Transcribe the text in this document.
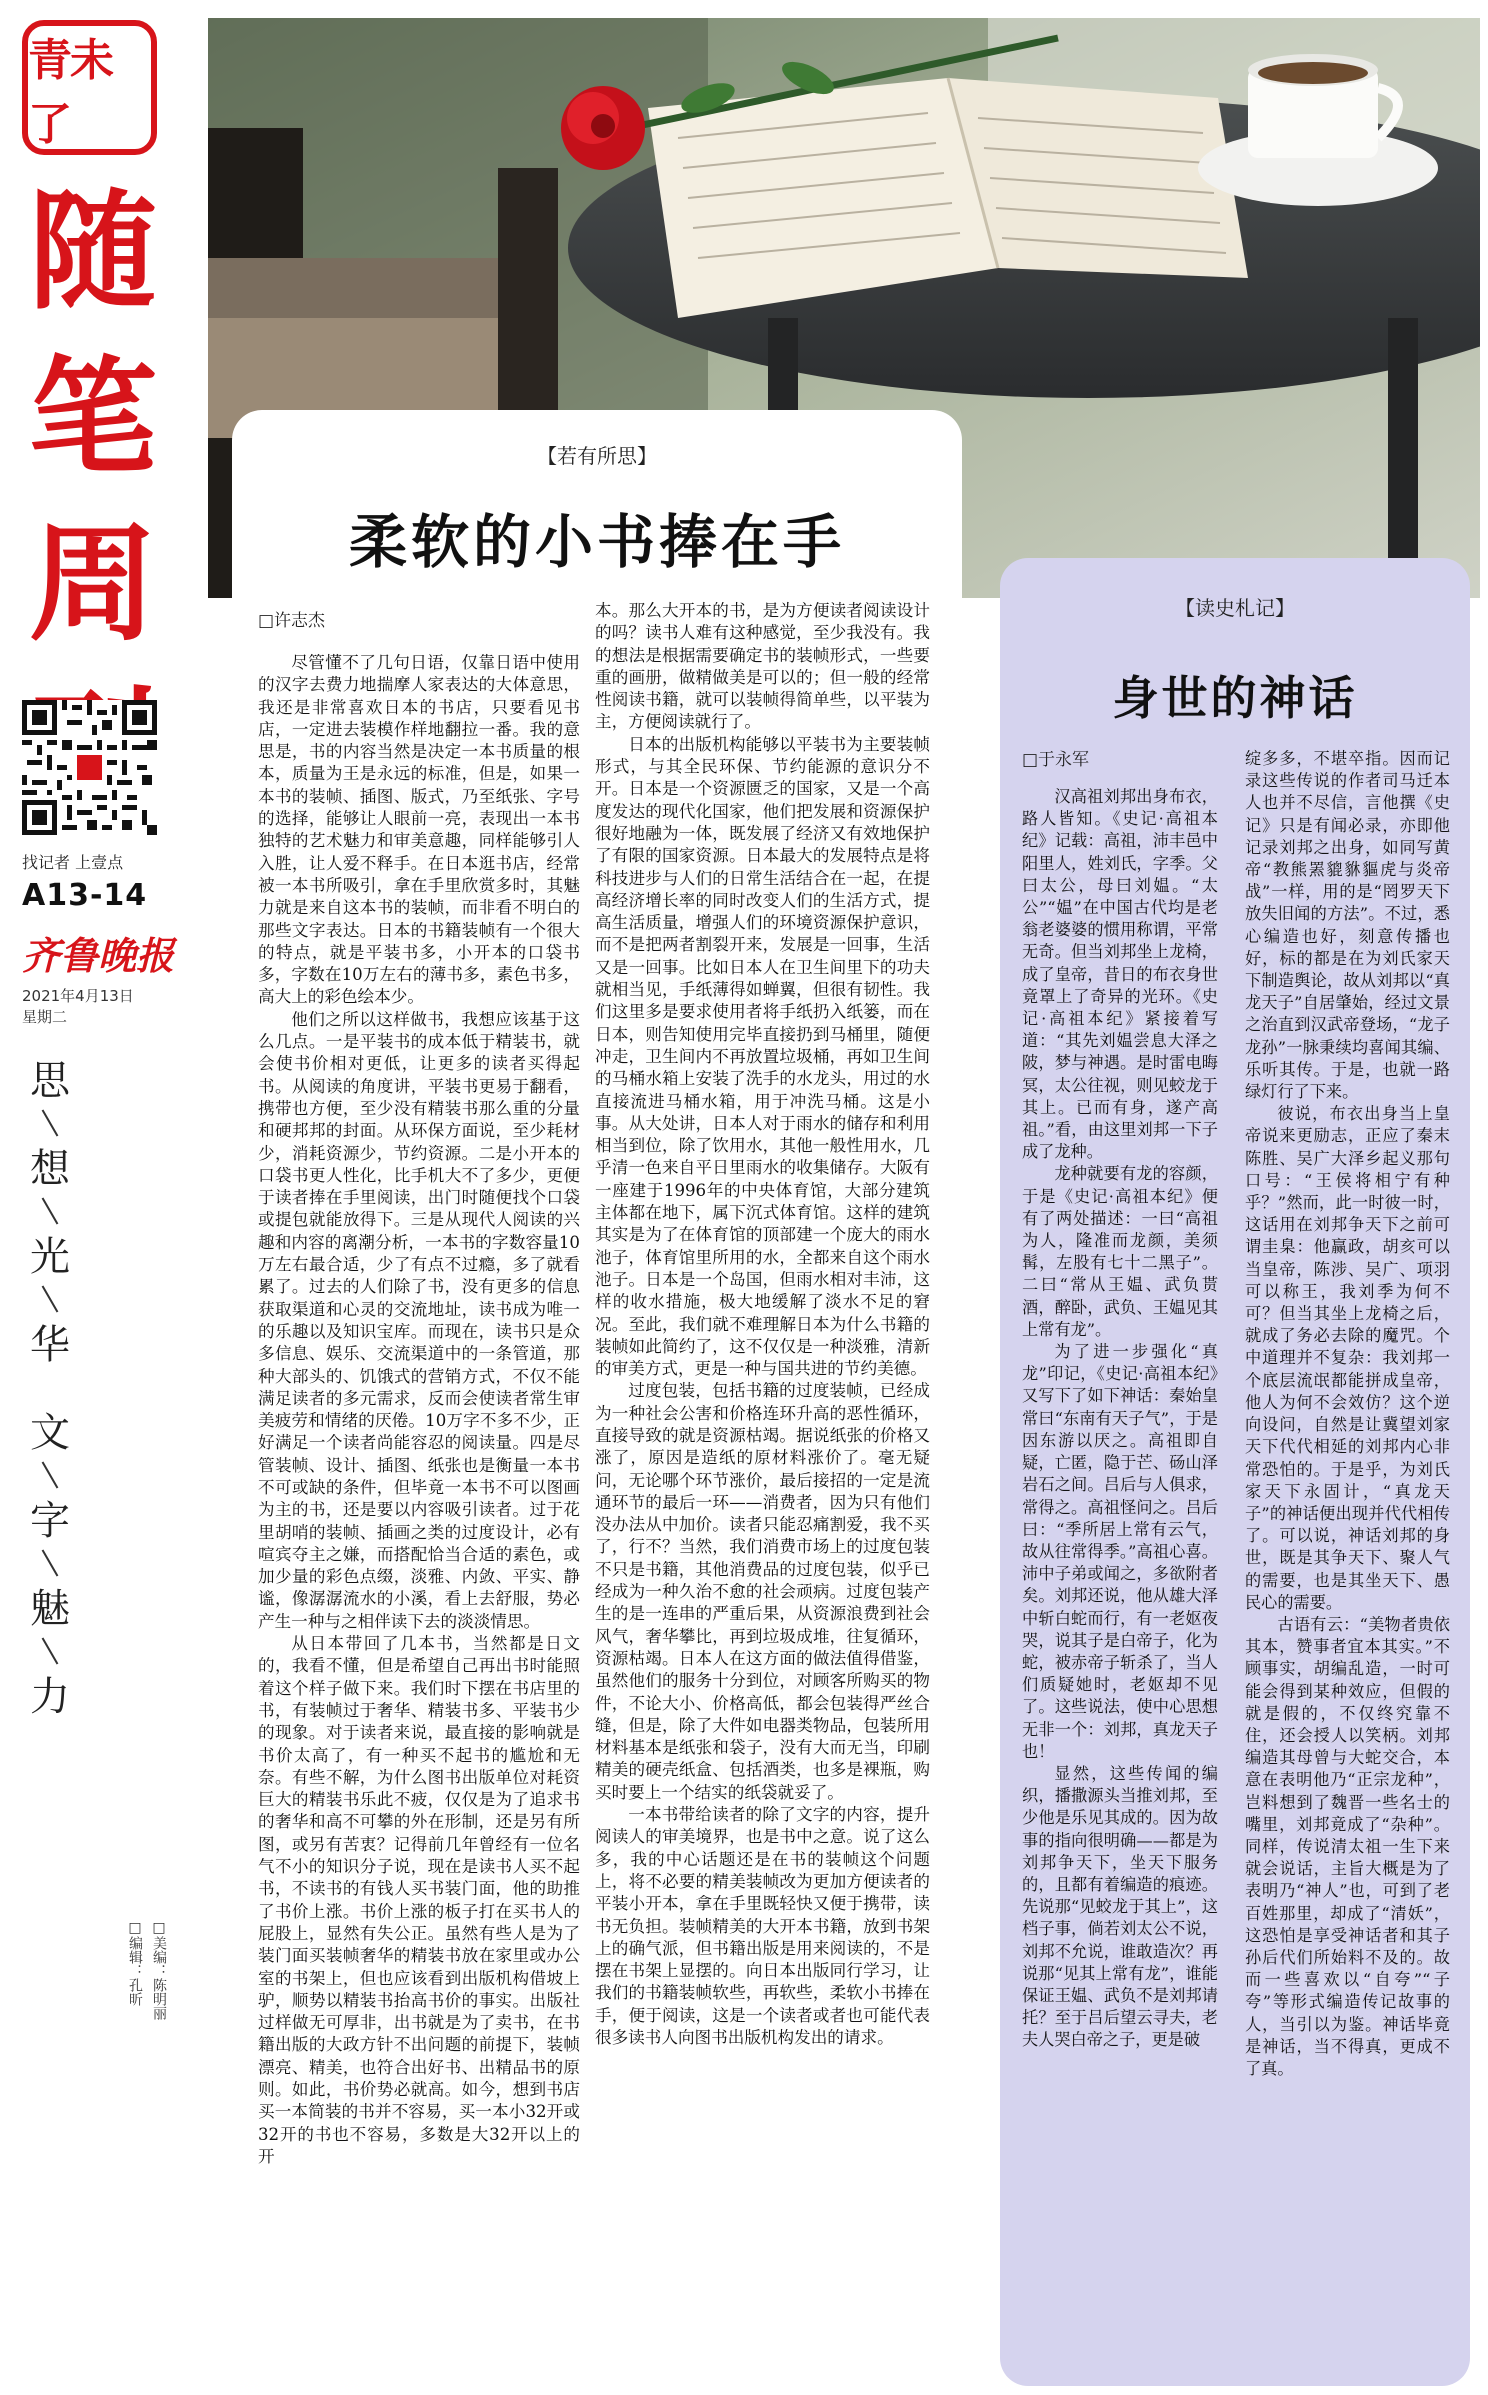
青未了
随
笔
周
找记者 上壹点
A13-14
齐鲁晚报
2021年4月13日
星期二
思
想
光
华
文
字
魅
力
□美编：陈明丽
□编辑：孔昕
【若有所思】
柔软的小书捧在手
□许志杰

尽管懂不了几句日语，仅靠日语中使用的汉字去费力地揣摩人家表达的大体意思，我还是非常喜欢日本的书店，只要看见书店，一定进去装模作样地翻拉一番。我的意思是，书的内容当然是决定一本书质量的根本，质量为王是永远的标准，但是，如果一本书的装帧、插图、版式，乃至纸张、字号的选择，能够让人眼前一亮，表现出一本书独特的艺术魅力和审美意趣，同样能够引人入胜，让人爱不释手。在日本逛书店，经常被一本书所吸引，拿在手里欣赏多时，其魅力就是来自这本书的装帧，而非看不明白的那些文字表达。日本的书籍装帧有一个很大的特点，就是平装书多，小开本的口袋书多，字数在10万左右的薄书多，素色书多，高大上的彩色绘本少。

他们之所以这样做书，我想应该基于这么几点。一是平装书的成本低于精装书，就会使书价相对更低，让更多的读者买得起书。从阅读的角度讲，平装书更易于翻看，携带也方便，至少没有精装书那么重的分量和硬邦邦的封面。从环保方面说，至少耗材少，消耗资源少，节约资源。二是小开本的口袋书更人性化，比手机大不了多少，更便于读者捧在手里阅读，出门时随便找个口袋或提包就能放得下。三是从现代人阅读的兴趣和内容的离潮分析，一本书的字数容量10万左右最合适，少了有点不过瘾，多了就看累了。过去的人们除了书，没有更多的信息获取渠道和心灵的交流地址，读书成为唯一的乐趣以及知识宝库。而现在，读书只是众多信息、娱乐、交流渠道中的一条管道，那种大部头的、饥饿式的营销方式，不仅不能满足读者的多元需求，反而会使读者常生审美疲劳和情绪的厌倦。10万字不多不少，正好满足一个读者尚能容忍的阅读量。四是尽管装帧、设计、插图、纸张也是衡量一本书不可或缺的条件，但毕竟一本书不可以图画为主的书，还是要以内容吸引读者。过于花里胡哨的装帧、插画之类的过度设计，必有喧宾夺主之嫌，而搭配恰当合适的素色，或加少量的彩色点缀，淡雅、内敛、平实、静谧，像潺潺流水的小溪，看上去舒服，势必产生一种与之相伴读下去的淡淡情思。

从日本带回了几本书，当然都是日文的，我看不懂，但是希望自己再出书时能照着这个样子做下来。我们时下摆在书店里的书，有装帧过于奢华、精装书多、平装书少的现象。对于读者来说，最直接的影响就是书价太高了，有一种买不起书的尴尬和无奈。有些不解，为什么图书出版单位对耗资巨大的精装书乐此不疲，仅仅是为了追求书的奢华和高不可攀的外在形制，还是另有所图，或另有苦衷？记得前几年曾经有一位名气不小的知识分子说，现在是读书人买不起书，不读书的有钱人买书装门面，他的助推了书价上涨。书价上涨的板子打在买书人的屁股上，显然有失公正。虽然有些人是为了装门面买装帧奢华的精装书放在家里或办公室的书架上，但也应该看到出版机构借坡上驴，顺势以精装书抬高书价的事实。出版社过样做无可厚非，出书就是为了卖书，在书籍出版的大政方针不出问题的前提下，装帧漂亮、精美，也符合出好书、出精品书的原则。如此，书价势必就高。如今，想到书店买一本简装的书并不容易，买一本小32开或32开的书也不容易，多数是大32开以上的开

本。那么大开本的书，是为方便读者阅读设计的吗？读书人难有这种感觉，至少我没有。我的想法是根据需要确定书的装帧形式，一些要重的画册，做精做美是可以的；但一般的经常性阅读书籍，就可以装帧得简单些，以平装为主，方便阅读就行了。

日本的出版机构能够以平装书为主要装帧形式，与其全民环保、节约能源的意识分不开。日本是一个资源匮乏的国家，又是一个高度发达的现代化国家，他们把发展和资源保护很好地融为一体，既发展了经济又有效地保护了有限的国家资源。日本最大的发展特点是将科技进步与人们的日常生活结合在一起，在提高经济增长率的同时改变人们的生活方式，提高生活质量，增强人们的环境资源保护意识，而不是把两者割裂开来，发展是一回事，生活又是一回事。比如日本人在卫生间里下的功夫就相当见，手纸薄得如蝉翼，但很有韧性。我们这里多是要求使用者将手纸扔入纸篓，而在日本，则告知使用完毕直接扔到马桶里，随便冲走，卫生间内不再放置垃圾桶，再如卫生间的马桶水箱上安装了洗手的水龙头，用过的水直接流进马桶水箱，用于冲洗马桶。这是小事。从大处讲，日本人对于雨水的储存和利用相当到位，除了饮用水，其他一般性用水，几乎清一色来自平日里雨水的收集储存。大阪有一座建于1996年的中央体育馆，大部分建筑主体都在地下，属下沉式体育馆。这样的建筑其实是为了在体育馆的顶部建一个庞大的雨水池子，体育馆里所用的水，全都来自这个雨水池子。日本是一个岛国，但雨水相对丰沛，这样的收水措施，极大地缓解了淡水不足的窘况。至此，我们就不难理解日本为什么书籍的装帧如此简约了，这不仅仅是一种淡雅，清新的审美方式，更是一种与国共进的节约美德。

过度包装，包括书籍的过度装帧，已经成为一种社会公害和价格连环升高的恶性循环，直接导致的就是资源枯竭。据说纸张的价格又涨了，原因是造纸的原材料涨价了。毫无疑问，无论哪个环节涨价，最后接招的一定是流通环节的最后一环——消费者，因为只有他们没办法从中加价。读者只能忍痛割爱，我不买了，行不？当然，我们消费市场上的过度包装不只是书籍，其他消费品的过度包装，似乎已经成为一种久治不愈的社会顽病。过度包装产生的是一连串的严重后果，从资源浪费到社会风气，奢华攀比，再到垃圾成堆，往复循环，资源枯竭。日本人在这方面的做法值得借鉴，虽然他们的服务十分到位，对顾客所购买的物件，不论大小、价格高低，都会包装得严丝合缝，但是，除了大件如电器类物品，包装所用材料基本是纸张和袋子，没有大而无当，印刷精美的硬壳纸盒、包括酒类，也多是裸瓶，购买时要上一个结实的纸袋就妥了。

一本书带给读者的除了文字的内容，提升阅读人的审美境界，也是书中之意。说了这么多，我的中心话题还是在书的装帧这个问题上，将不必要的精美装帧改为更加方便读者的平装小开本，拿在手里既轻快又便于携带，读书无负担。装帧精美的大开本书籍，放到书架上的确气派，但书籍出版是用来阅读的，不是摆在书架上显摆的。向日本出版同行学习，让我们的书籍装帧软些，再软些，柔软小书捧在手，便于阅读，这是一个读者或者也可能代表很多读书人向图书出版机构发出的请求。

【读史札记】
身世的神话
□于永军

汉高祖刘邦出身布衣，路人皆知。《史记·高祖本纪》记载：高祖，沛丰邑中阳里人，姓刘氏，字季。父曰太公，母曰刘媪。“太公”“媪”在中国古代均是老翁老婆婆的惯用称谓，平常无奇。但当刘邦坐上龙椅，成了皇帝，昔日的布衣身世竟罩上了奇异的光环。《史记·高祖本纪》紧接着写道：“其先刘媪尝息大泽之陂，梦与神遇。是时雷电晦冥，太公往视，则见蛟龙于其上。已而有身，遂产高祖。”看，由这里刘邦一下子成了龙种。

龙种就要有龙的容颜，于是《史记·高祖本纪》便有了两处描述：一曰“高祖为人，隆准而龙颜，美须髯，左股有七十二黑子”。二曰“常从王媪、武负贳酒，醉卧，武负、王媪见其上常有龙”。

为了进一步强化“真龙”印记，《史记·高祖本纪》又写下了如下神话：秦始皇常曰“东南有天子气”，于是因东游以厌之。高祖即自疑，亡匿，隐于芒、砀山泽岩石之间。吕后与人俱求，常得之。高祖怪问之。吕后曰：“季所居上常有云气，故从往常得季。”高祖心喜。沛中子弟或闻之，多欲附者矣。刘邦还说，他从雄大泽中斩白蛇而行，有一老妪夜哭，说其子是白帝子，化为蛇，被赤帝子斩杀了，当人们质疑她时，老妪却不见了。这些说法，使中心思想无非一个：刘邦，真龙天子也！

显然，这些传闻的编织，播撒源头当推刘邦，至少他是乐见其成的。因为故事的指向很明确——都是为刘邦争天下，坐天下服务的，且都有着编造的痕迹。先说那“见蛟龙于其上”，这档子事，倘若刘太公不说，刘邦不允说，谁敢造次？再说那“见其上常有龙”，谁能保证王媪、武负不是刘邦请托？至于吕后望云寻夫，老夫人哭白帝之子，更是破

绽多多，不堪卒指。因而记录这些传说的作者司马迁本人也并不尽信，言他撰《史记》只是有闻必录，亦即他记录刘邦之出身，如同写黄帝“教熊罴貔貅貙虎与炎帝战”一样，用的是“罔罗天下放失旧闻的方法”。不过，悉心编造也好，刻意传播也好，标的都是在为刘氏家天下制造舆论，故从刘邦以“真龙天子”自居肇始，经过文景之治直到汉武帝登场，“龙子龙孙”一脉秉续均喜闻其编、乐听其传。于是，也就一路绿灯行了下来。

彼说，布衣出身当上皇帝说来更励志，正应了秦末陈胜、吴广大泽乡起义那句口号：“王侯将相宁有种乎？”然而，此一时彼一时，这话用在刘邦争天下之前可谓圭臬：他赢政，胡亥可以当皇帝，陈涉、吴广、项羽可以称王，我刘季为何不可？但当其坐上龙椅之后，就成了务必去除的魔咒。个中道理并不复杂：我刘邦一个底层流氓都能拼成皇帝，他人为何不会效仿？这个逆向设问，自然是让冀望刘家天下代代相延的刘邦内心非常恐怕的。于是乎，为刘氏家天下永固计，“真龙天子”的神话便出现并代代相传了。可以说，神话刘邦的身世，既是其争天下、聚人气的需要，也是其坐天下、愚民心的需要。

古语有云：“美物者贵依其本，赞事者宜本其实。”不顾事实，胡编乱造，一时可能会得到某种效应，但假的就是假的，不仅终究靠不住，还会授人以笑柄。刘邦编造其母曾与大蛇交合，本意在表明他乃“正宗龙种”，岂料想到了魏晋一些名士的嘴里，刘邦竟成了“杂种”。同样，传说清太祖一生下来就会说话，主旨大概是为了表明乃“神人”也，可到了老百姓那里，却成了“清妖”，这恐怕是享受神话者和其子孙后代们所始料不及的。故而一些喜欢以“自夸”“子夸”等形式编造传记故事的人，当引以为鉴。神话毕竟是神话，当不得真，更成不了真。
